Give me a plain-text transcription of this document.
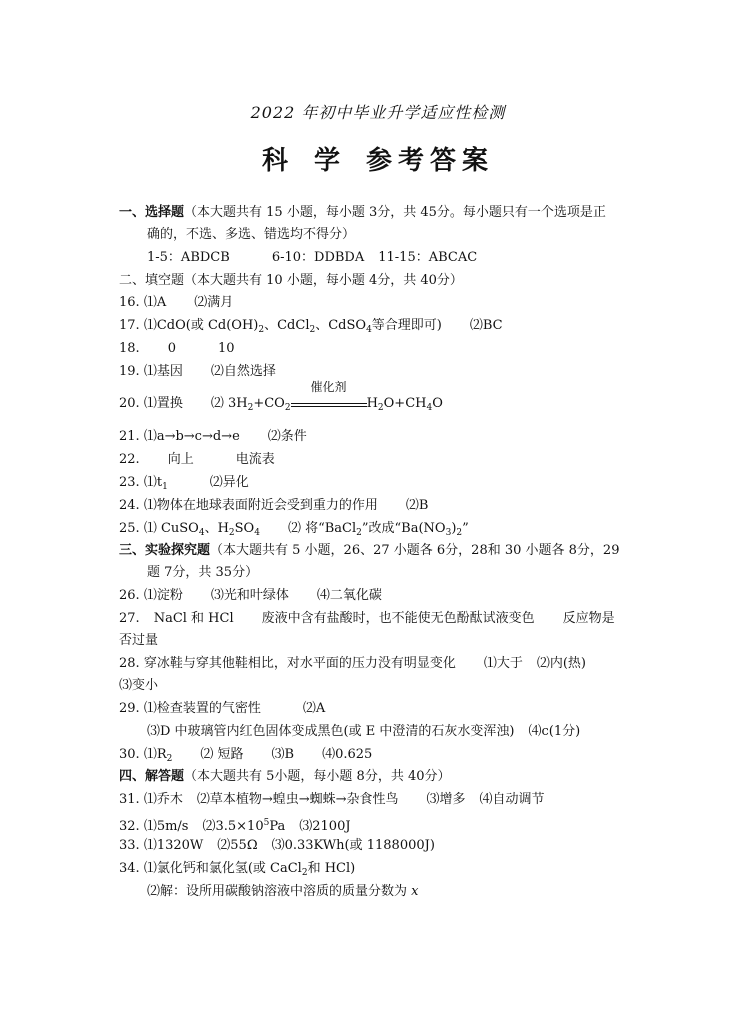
2022 年初中毕业升学适应性检测
科 学 参考答案
一、选择题（本大题共有 15 小题，每小题 3分，共 45分。每小题只有一个选项是正
确的，不选、多选、错选均不得分）
1-5：ABDCB	6-10：DDBDA 11-15：ABCAC
二、填空题（本大题共有 10 小题，每小题 4分，共 40分）
16. ⑴A ⑵满月
17. ⑴CdO(或 $Cd(OH)_2$、CdCl$_2$、CdSO$_4$等合理即可) ⑵BC
18. 0	10
19. ⑴基因 ⑵自然选择
20. ⑴置换 ⑵ $3H_2+CO_2$
催化剂
$H_2O+CH_4O$
21. ⑴a→b→c→d→e ⑵条件
22. 向上	电流表
23. $⑴t_1$	⑵异化
24. ⑴物体在地球表面附近会受到重力的作用 ⑵B
25. ⑴ CuSO$_4$、$H_2SO_4$ ⑵ 将“BaCl$_2$”改成“$Ba(NO_3)_2$”
三、实验探究题（本大题共有 5 小题，26、27 小题各 6分，28和 30 小题各 8分，29
题 7分，共 35分）
26. ⑴淀粉 ⑶光和叶绿体 ⑷二氧化碳
27. NaCl 和 HCl 废液中含有盐酸时，也不能使无色酚酞试液变色 反应物是
否过量
28. 穿冰鞋与穿其他鞋相比，对水平面的压力没有明显变化 ⑴大于 ⑵内(热)
⑶变小
29. ⑴检查装置的气密性	⑵A
⑶D 中玻璃管内红色固体变成黑色(或 E 中澄清的石灰水变浑浊) ⑷c(1分)
30. $⑴R_2$ ⑵ 短路 ⑶B ⑷0.625
四、解答题（本大题共有 5小题，每小题 8分，共 40分）
31. ⑴乔木 ⑵草本植物→蝗虫→蜘蛛→杂食性鸟 ⑶增多 ⑷自动调节
32. ⑴5m/s $⑵3.5\times 10^5Pa$ ⑶2100J
33. ⑴1320W ⑵55Ω ⑶0.33KWh(或 1188000J)
34. ⑴氯化钙和氯化氢(或 CaCl$_2$和 HCl)
⑵解：设所用碳酸钠溶液中溶质的质量分数为 x
